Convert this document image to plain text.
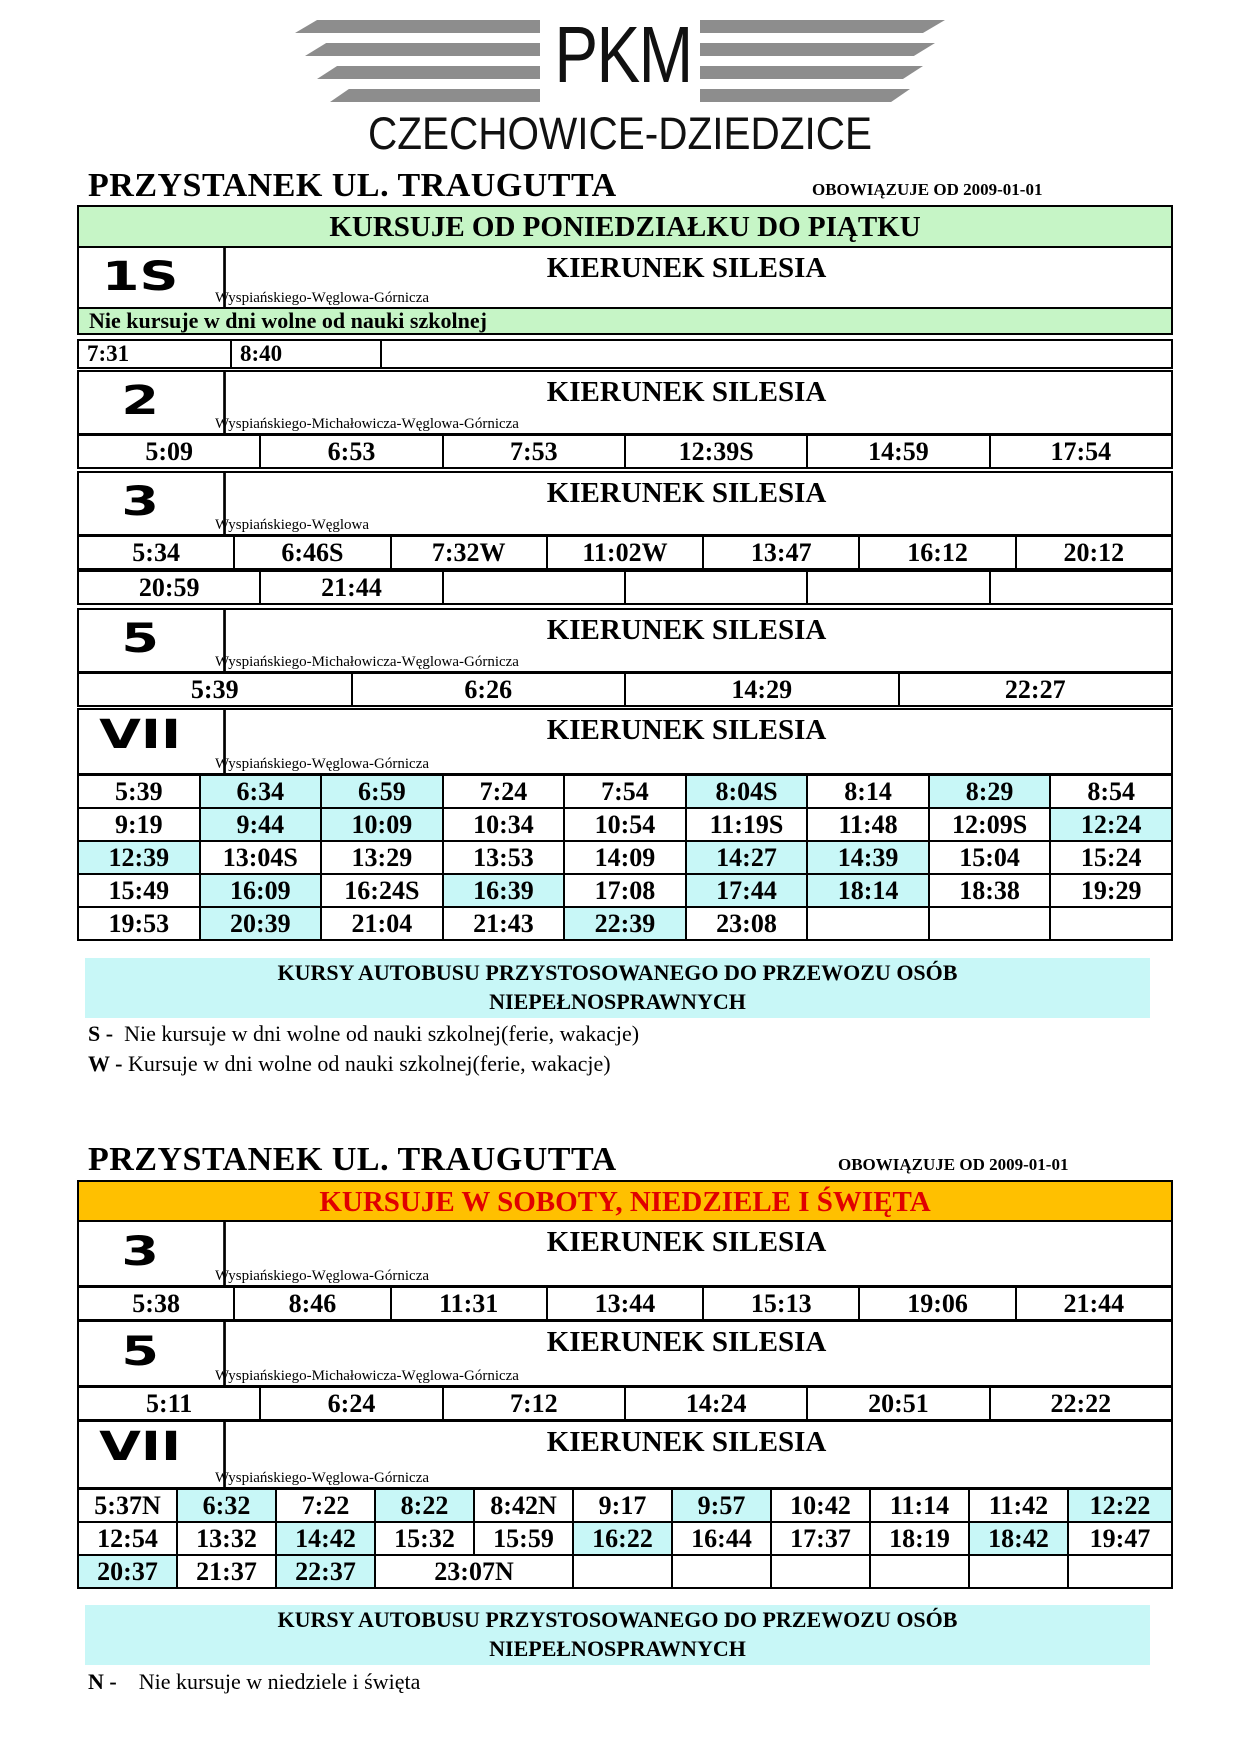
PKM
CZECHOWICE-DZIEDZICE
PRZYSTANEK UL. TRAUGUTTA	OBOWIĄZUJE OD 2009-01-01
KURSUJE OD PONIEDZIAŁKU DO PIĄTKU
1S	KIERUNEK SILESIA
Wyspiańskiego-Węglowa-Górnicza
Nie kursuje w dni wolne od nauki szkolnej
7:31	8:40	
2	KIERUNEK SILESIA
Wyspiańskiego-Michałowicza-Węglowa-Górnicza
5:09	6:53	7:53	12:39S	14:59	17:54
3	KIERUNEK SILESIA
Wyspiańskiego-Węglowa
5:34	6:46S	7:32W	11:02W	13:47	16:12	20:12
20:59	21:44				
5	KIERUNEK SILESIA
Wyspiańskiego-Michałowicza-Węglowa-Górnicza
5:39	6:26	14:29	22:27
VII	KIERUNEK SILESIA
Wyspiańskiego-Węglowa-Górnicza
5:39	6:34	6:59	7:24	7:54	8:04S	8:14	8:29	8:54
9:19	9:44	10:09	10:34	10:54	11:19S	11:48	12:09S	12:24
12:39	13:04S	13:29	13:53	14:09	14:27	14:39	15:04	15:24
15:49	16:09	16:24S	16:39	17:08	17:44	18:14	18:38	19:29
19:53	20:39	21:04	21:43	22:39	23:08			
KURSY AUTOBUSU PRZYSTOSOWANEGO DO PRZEWOZU OSÓB
NIEPEŁNOSPRAWNYCH
S -  Nie kursuje w dni wolne od nauki szkolnej(ferie, wakacje)
W - Kursuje w dni wolne od nauki szkolnej(ferie, wakacje)
PRZYSTANEK UL. TRAUGUTTA	OBOWIĄZUJE OD 2009-01-01
KURSUJE W SOBOTY, NIEDZIELE I ŚWIĘTA
3	KIERUNEK SILESIA
Wyspiańskiego-Węglowa-Górnicza
5:38	8:46	11:31	13:44	15:13	19:06	21:44
5	KIERUNEK SILESIA
Wyspiańskiego-Michałowicza-Węglowa-Górnicza
5:11	6:24	7:12	14:24	20:51	22:22
VII	KIERUNEK SILESIA
Wyspiańskiego-Węglowa-Górnicza
5:37N	6:32	7:22	8:22	8:42N	9:17	9:57	10:42	11:14	11:42	12:22
12:54	13:32	14:42	15:32	15:59	16:22	16:44	17:37	18:19	18:42	19:47
20:37	21:37	22:37	23:07N							
KURSY AUTOBUSU PRZYSTOSOWANEGO DO PRZEWOZU OSÓB
NIEPEŁNOSPRAWNYCH
N -    Nie kursuje w niedziele i święta
